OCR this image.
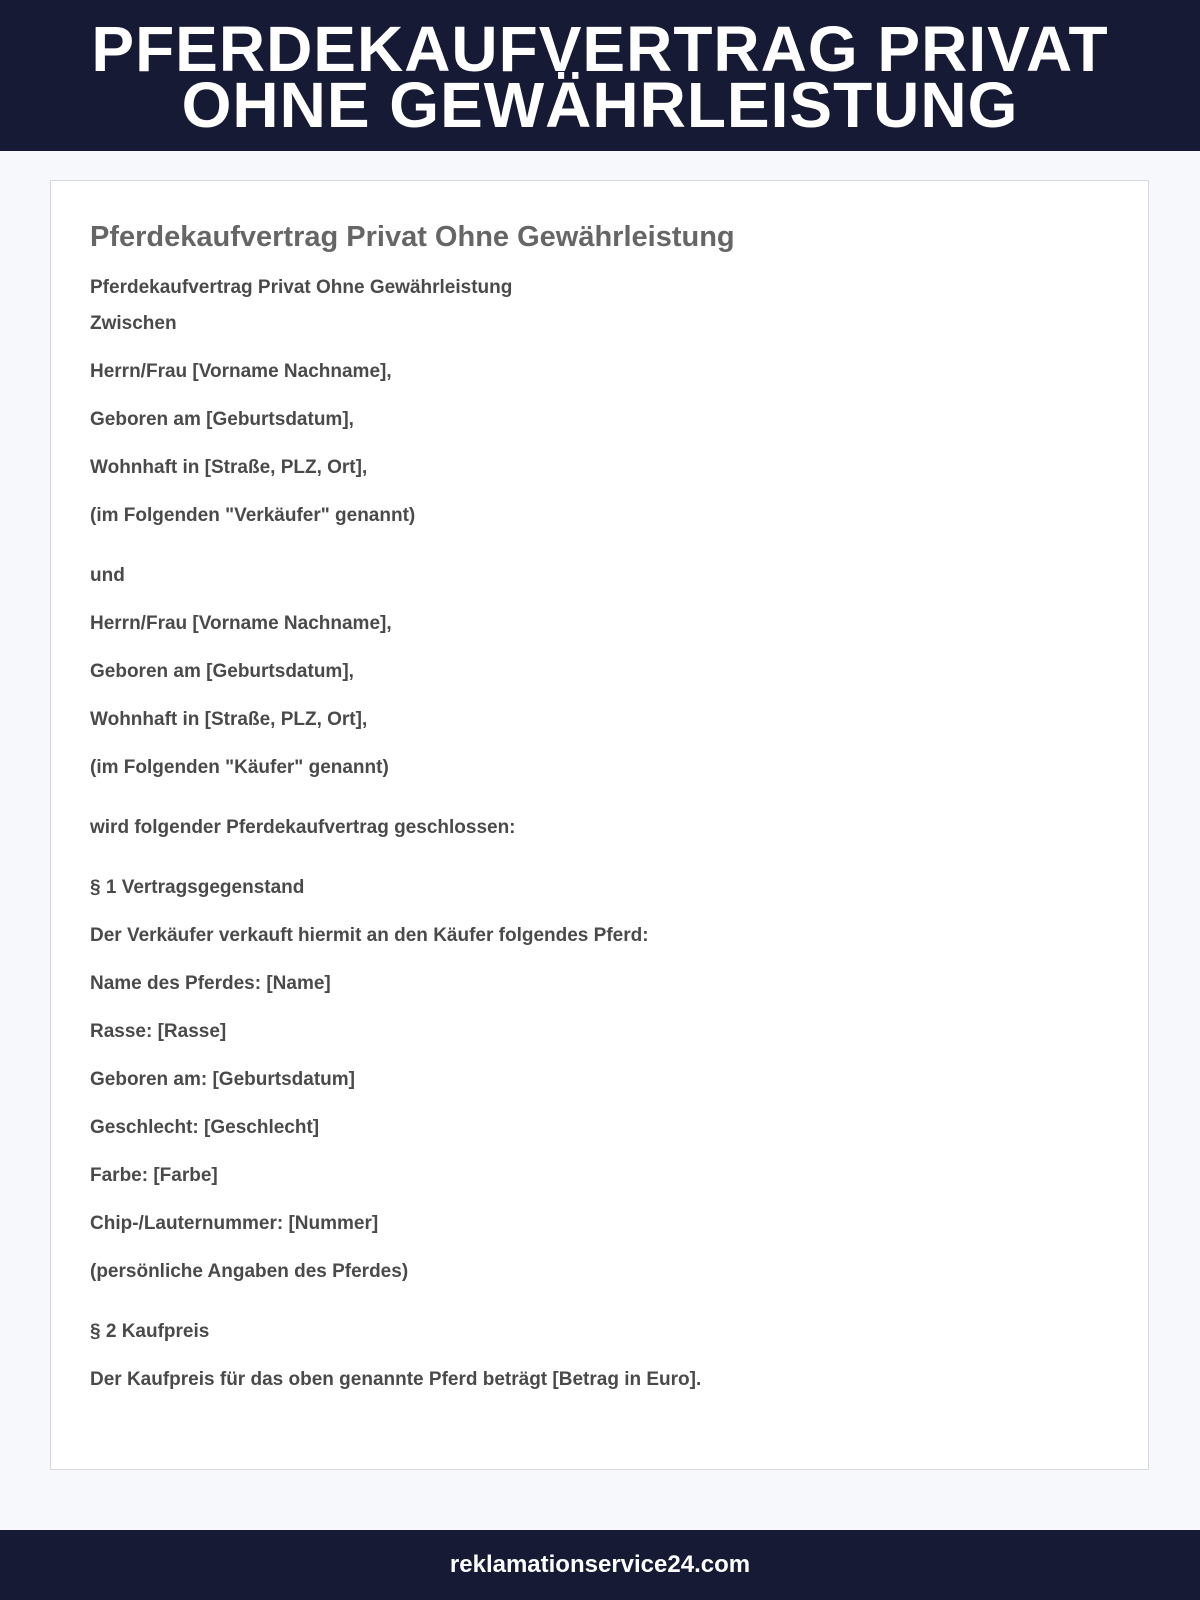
PFERDEKAUFVERTRAG PRIVAT
OHNE GEWÄHRLEISTUNG
Pferdekaufvertrag Privat Ohne Gewährleistung

Pferdekaufvertrag Privat Ohne Gewährleistung

Zwischen

Herrn/Frau [Vorname Nachname],

Geboren am [Geburtsdatum],

Wohnhaft in [Straße, PLZ, Ort],

(im Folgenden "Verkäufer" genannt)

und

Herrn/Frau [Vorname Nachname],

Geboren am [Geburtsdatum],

Wohnhaft in [Straße, PLZ, Ort],

(im Folgenden "Käufer" genannt)

wird folgender Pferdekaufvertrag geschlossen:

§ 1 Vertragsgegenstand

Der Verkäufer verkauft hiermit an den Käufer folgendes Pferd:

Name des Pferdes: [Name]

Rasse: [Rasse]

Geboren am: [Geburtsdatum]

Geschlecht: [Geschlecht]

Farbe: [Farbe]

Chip-/Lauternummer: [Nummer]

(persönliche Angaben des Pferdes)

§ 2 Kaufpreis

Der Kaufpreis für das oben genannte Pferd beträgt [Betrag in Euro].

reklamationservice24.com
